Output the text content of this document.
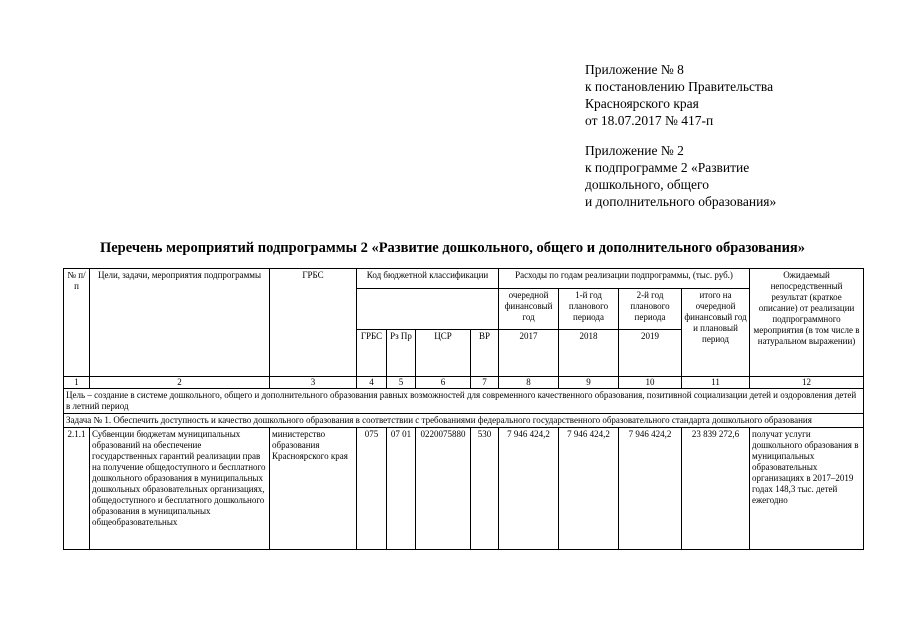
Приложение № 8
к постановлению Правительства
Красноярского края
от 18.07.2017 № 417-п
Приложение № 2
к подпрограмме 2 «Развитие
дошкольного, общего
и дополнительного образования»
Перечень мероприятий подпрограммы 2 «Развитие дошкольного, общего и дополнительного образования»
№ п/п	Цели, задачи, мероприятия подпрограммы	ГРБС	Код бюджетной классификации				Расходы по годам реализации подпрограммы, (тыс. руб.)				Ожидаемый непосредственный результат (краткое описание) от реализации подпрограммного мероприятия (в том числе в натуральном выражении)
							очередной финансовый год	1-й год планового периода	2-й год планового периода	итого на очередной финансовый год и плановый период	
			ГРБС	Рз Пр	ЦСР	ВР	2017	2018	2019		
1	2	3	4	5	6	7	8	9	10	11	12
Цель – создание в системе дошкольного, общего и дополнительного образования равных возможностей для современного качественного образования, позитивной социализации детей и оздоровления детей в летний период											
Задача № 1. Обеспечить доступность и качество дошкольного образования в соответствии с требованиями федерального государственного образовательного стандарта дошкольного образования											
2.1.1	Субвенции бюджетам муниципальных образований на обеспечение государственных гарантий реализации прав на получение общедоступного и бесплатного дошкольного образования в муниципальных дошкольных образовательных организациях, общедоступного и бесплатного дошкольного образования в муниципальных общеобразовательных	министерство образования Красноярского края	075	07 01	0220075880	530	7 946 424,2	7 946 424,2	7 946 424,2	23 839 272,6	получат услуги дошкольного образования в муниципальных образовательных организациях в 2017–2019 годах 148,3 тыс. детей ежегодно
